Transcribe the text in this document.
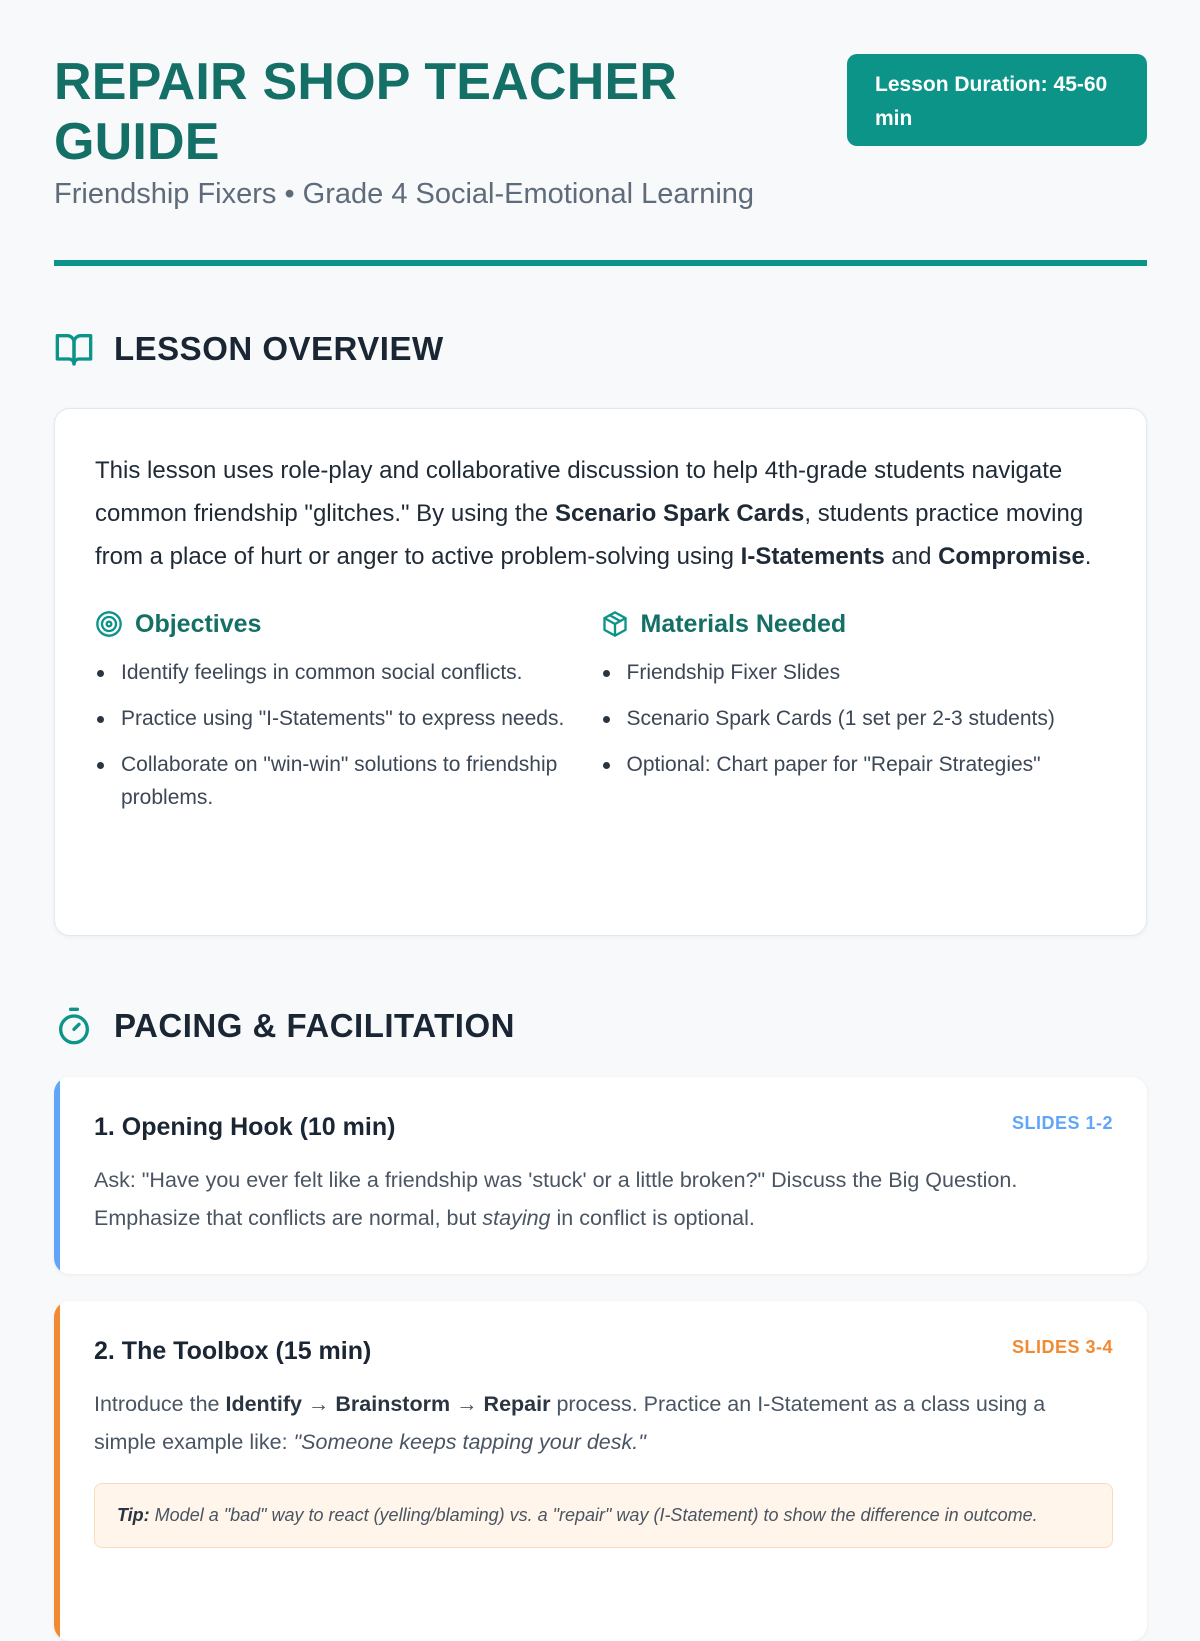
REPAIR SHOP TEACHER GUIDE
Friendship Fixers • Grade 4 Social-Emotional Learning
Lesson Duration: 45-60 min
LESSON OVERVIEW

This lesson uses role-play and collaborative discussion to help 4th-grade students navigate common friendship "glitches." By using the Scenario Spark Cards, students practice moving from a place of hurt or anger to active problem-solving using I-Statements and Compromise.

Objectives
Identify feelings in common social conflicts.
Practice using "I-Statements" to express needs.
Collaborate on "win-win" solutions to friendship problems.
Materials Needed
Friendship Fixer Slides
Scenario Spark Cards (1 set per 2-3 students)
Optional: Chart paper for "Repair Strategies"
PACING & FACILITATION
1. Opening Hook (10 min)	SLIDES 1-2

Ask: "Have you ever felt like a friendship was 'stuck' or a little broken?" Discuss the Big Question. Emphasize that conflicts are normal, but staying in conflict is optional.

2. The Toolbox (15 min)	SLIDES 3-4

Introduce the Identify → Brainstorm → Repair process. Practice an I-Statement as a class using a simple example like: "Someone keeps tapping your desk."

Tip: Model a "bad" way to react (yelling/blaming) vs. a "repair" way (I-Statement) to show the difference in outcome.
